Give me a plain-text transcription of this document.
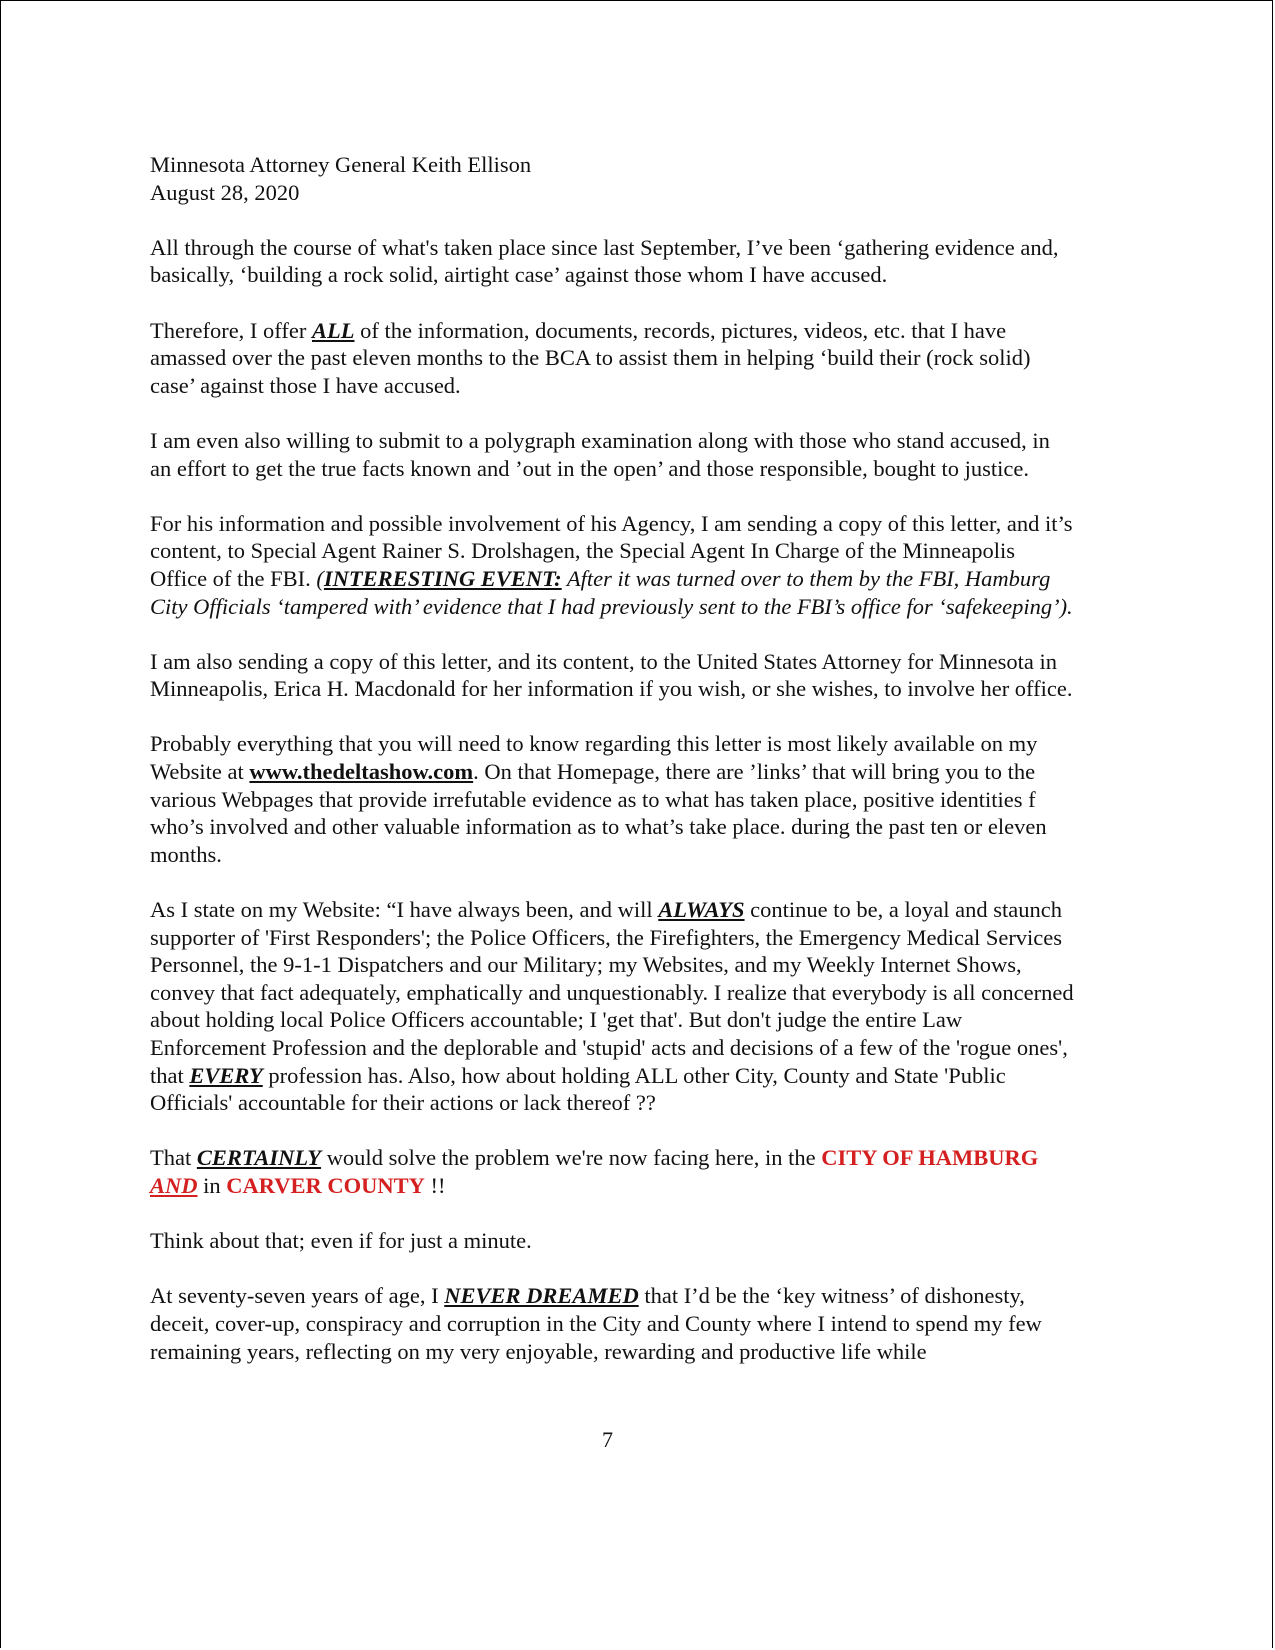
Minnesota Attorney General Keith Ellison

August 28, 2020

All through the course of what's taken place since last September, I’ve been ‘gathering evidence and, basically, ‘building a rock solid, airtight case’ against those whom I have accused.

Therefore, I offer ALL of the information, documents, records, pictures, videos, etc. that I have amassed over the past eleven months to the BCA to assist them in helping ‘build their (rock solid) case’ against those I have accused.

I am even also willing to submit to a polygraph examination along with those who stand accused, in an effort to get the true facts known and ’out in the open’ and those responsible, bought to justice.

For his information and possible involvement of his Agency, I am sending a copy of this letter, and it’s content, to Special Agent Rainer S. Drolshagen, the Special Agent In Charge of the Minneapolis Office of the FBI. (INTERESTING EVENT: After it was turned over to them by the FBI, Hamburg City Officials ‘tampered with’ evidence that I had previously sent to the FBI’s office for ‘safekeeping’).

I am also sending a copy of this letter, and its content, to the United States Attorney for Minnesota in Minneapolis, Erica H. Macdonald for her information if you wish, or she wishes, to involve her office.

Probably everything that you will need to know regarding this letter is most likely available on my Website at www.thedeltashow.com. On that Homepage, there are ’links’ that will bring you to the various Webpages that provide irrefutable evidence as to what has taken place, positive identities f who’s involved and other valuable information as to what’s take place. during the past ten or eleven months.

As I state on my Website: “I have always been, and will ALWAYS continue to be, a loyal and staunch supporter of 'First Responders'; the Police Officers, the Firefighters, the Emergency Medical Services Personnel, the 9-1-1 Dispatchers and our Military; my Websites, and my Weekly Internet Shows, convey that fact adequately, emphatically and unquestionably. I realize that everybody is all concerned about holding local Police Officers accountable; I 'get that'. But don't judge the entire Law Enforcement Profession and the deplorable and 'stupid' acts and decisions of a few of the 'rogue ones', that EVERY profession has. Also, how about holding ALL other City, County and State 'Public Officials' accountable for their actions or lack thereof ??

That CERTAINLY would solve the problem we're now facing here, in the CITY OF HAMBURG AND in CARVER COUNTY !!

Think about that; even if for just a minute.

At seventy-seven years of age, I NEVER DREAMED that I’d be the ‘key witness’ of dishonesty, deceit, cover-up, conspiracy and corruption in the City and County where I intend to spend my few remaining years, reflecting on my very enjoyable, rewarding and productive life while

7
